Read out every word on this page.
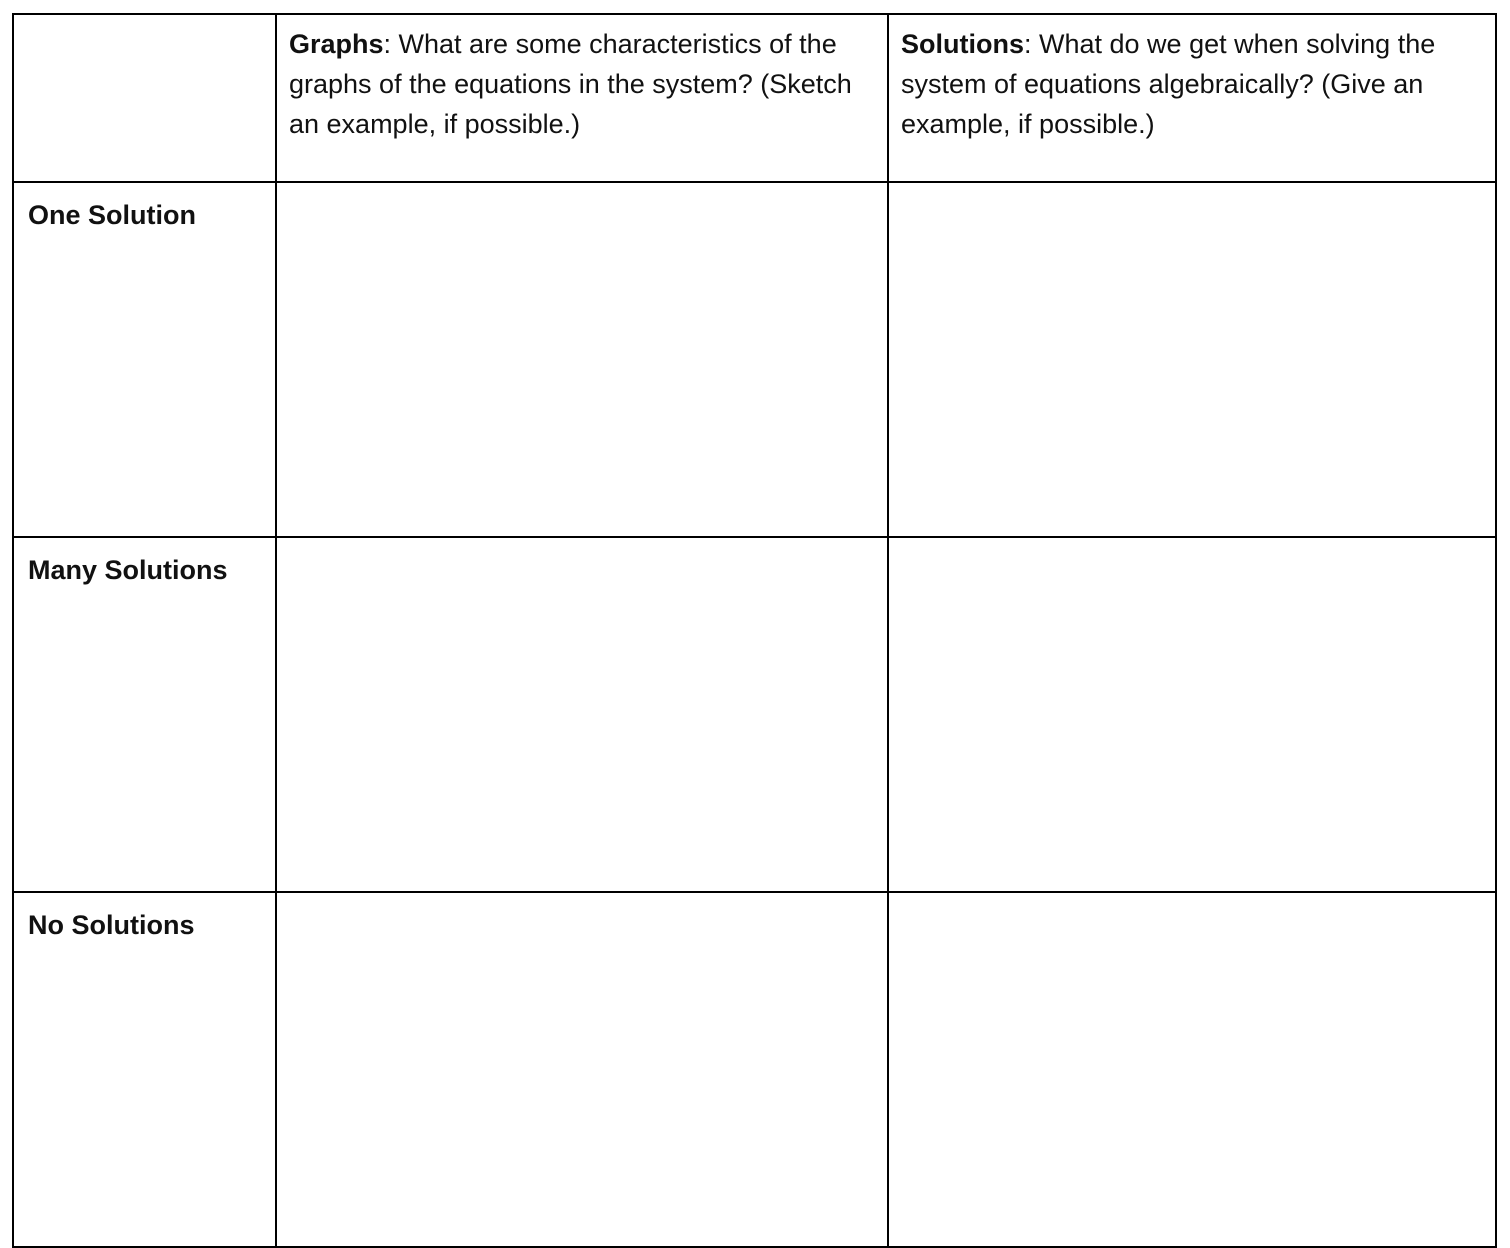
	Graphs: What are some characteristics of the graphs of the equations in the system? (Sketch an example, if possible.)	Solutions: What do we get when solving the system of equations algebraically? (Give an example, if possible.)
One Solution		
Many Solutions		
No Solutions		
